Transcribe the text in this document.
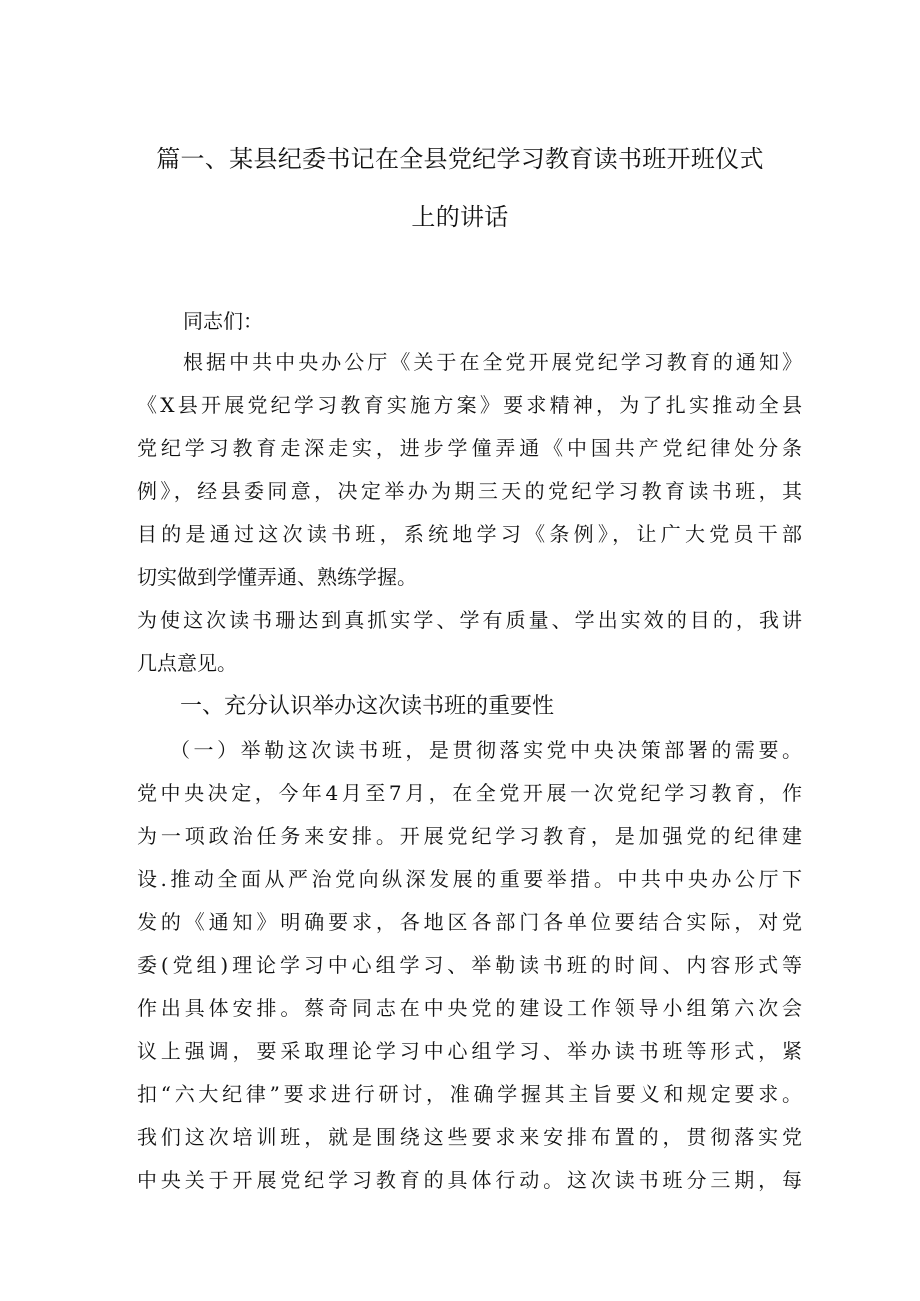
篇一、某县纪委书记在全县党纪学习教育读书班开班仪式
上的讲话
同志们：
根据中共中央办公厅《关于在全党开展党纪学习教育的通知》
《X县开展党纪学习教育实施方案》要求精神，为了扎实推动全县
党纪学习教育走深走实，进步学僮弄通《中国共产党纪律处分条
例》，经县委同意，决定举办为期三天的党纪学习教育读书班，其
目的是通过这次读书班，系统地学习《条例》，让广大党员干部
切实做到学懂弄通、熟练学握。
为使这次读书珊达到真抓实学、学有质量、学出实效的目的，我讲
几点意见。
一、充分认识举办这次读书班的重要性
（一）举勒这次读书班，是贯彻落实党中央决策部署的需要。
党中央决定，今年4月至7月，在全党开展一次党纪学习教育，作
为一项政治任务来安排。开展党纪学习教育，是加强党的纪律建
设.推动全面从严治党向纵深发展的重要举措。中共中央办公厅下
发的《通知》明确要求，各地区各部门各单位要结合实际，对党
委(党组)理论学习中心组学习、举勒读书班的时间、内容形式等
作出具体安排。蔡奇同志在中央党的建设工作领导小组第六次会
议上强调，要采取理论学习中心组学习、举办读书班等形式，紧
扣“六大纪律”要求进行研讨，准确学握其主旨要义和规定要求。
我们这次培训班，就是围绕这些要求来安排布置的，贯彻落实党
中央关于开展党纪学习教育的具体行动。这次读书班分三期，每
